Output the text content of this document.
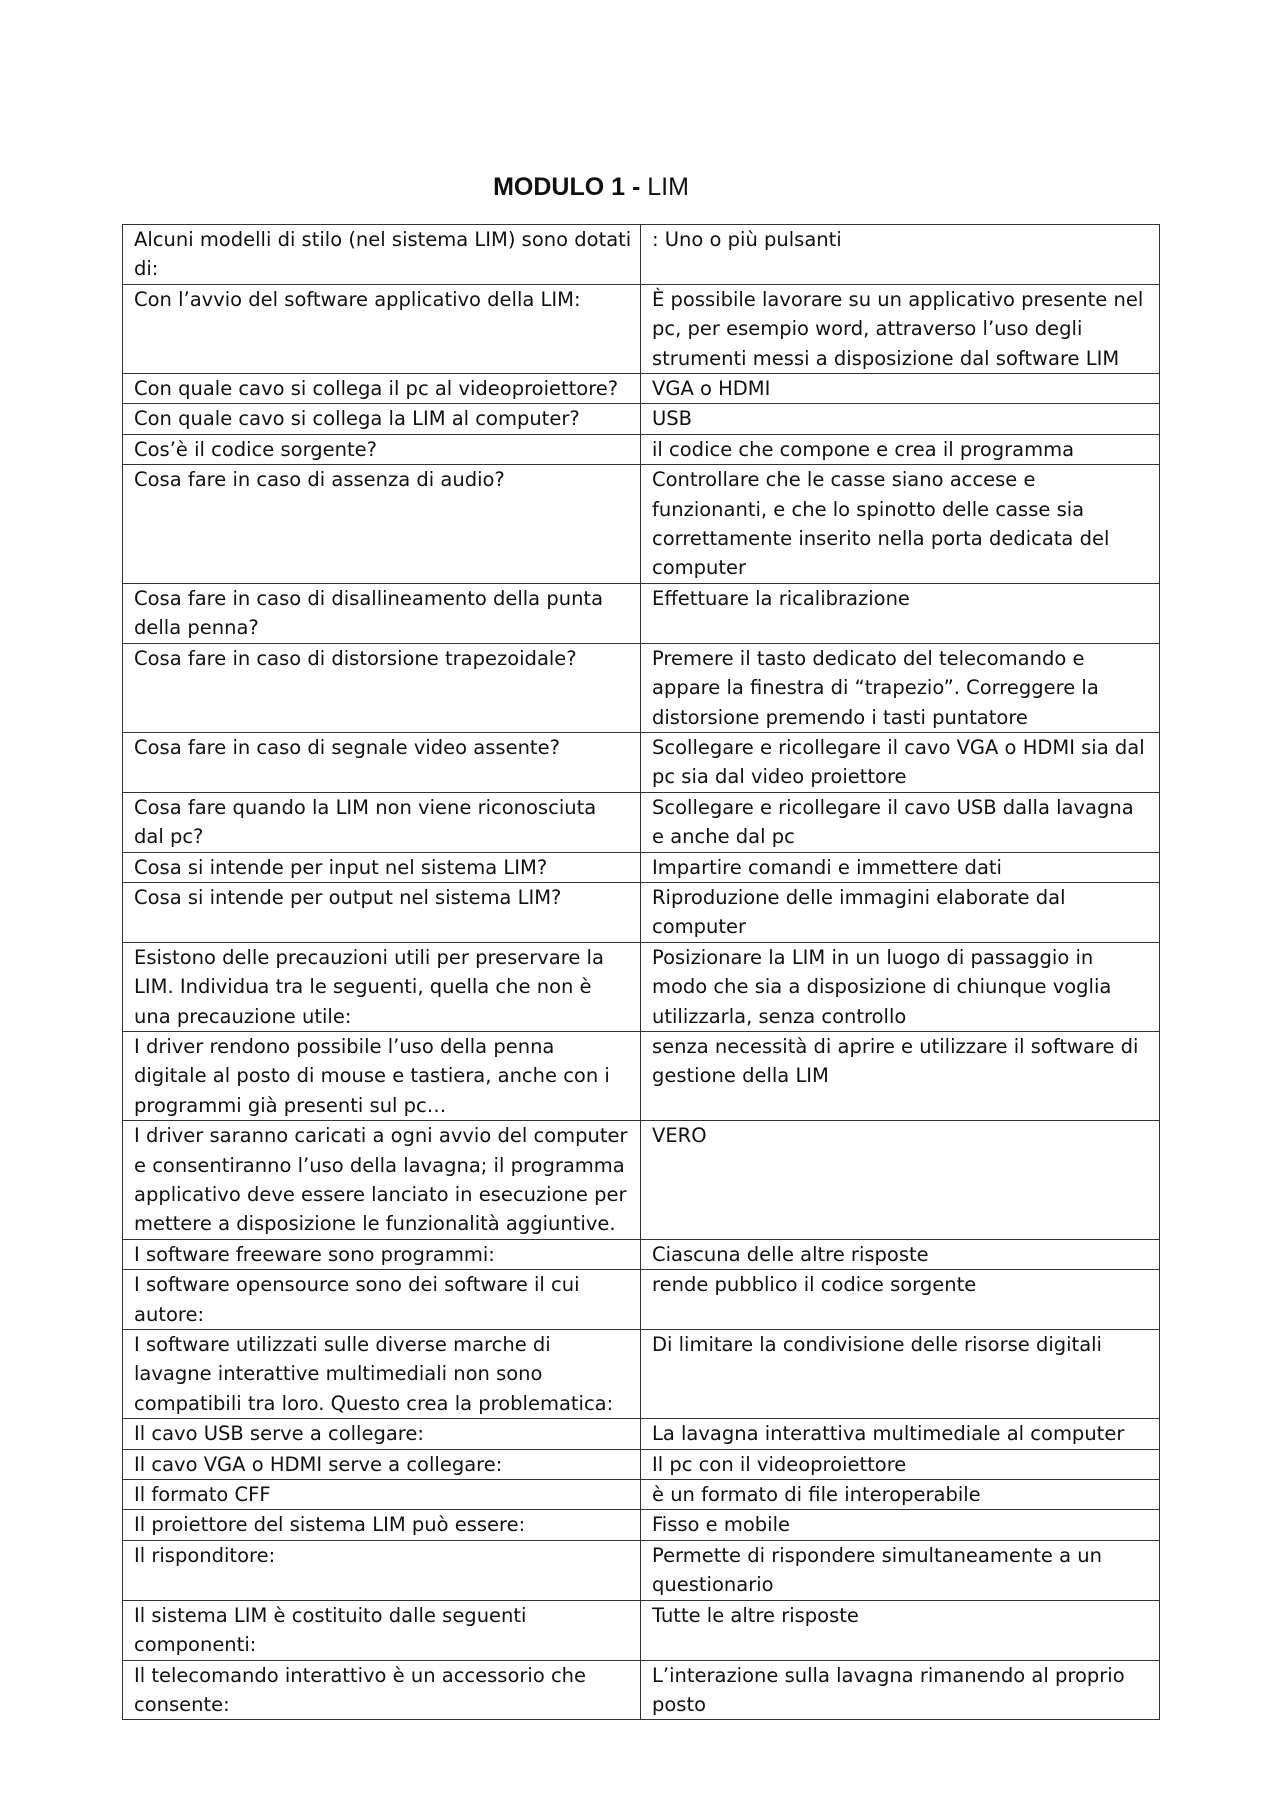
MODULO 1 - LIM
Alcuni modelli di stilo (nel sistema LIM) sono dotati di:	: Uno o più pulsanti
Con l’avvio del software applicativo della LIM:	È possibile lavorare su un applicativo presente nel pc, per esempio word, attraverso l’uso degli strumenti messi a disposizione dal software LIM
Con quale cavo si collega il pc al videoproiettore?	VGA o HDMI
Con quale cavo si collega la LIM al computer?	USB
Cos’è il codice sorgente?	il codice che compone e crea il programma
Cosa fare in caso di assenza di audio?	Controllare che le casse siano accese e funzionanti, e che lo spinotto delle casse sia correttamente inserito nella porta dedicata del computer
Cosa fare in caso di disallineamento della punta della penna?	Effettuare la ricalibrazione
Cosa fare in caso di distorsione trapezoidale?	Premere il tasto dedicato del telecomando e appare la finestra di “trapezio”. Correggere la distorsione premendo i tasti puntatore
Cosa fare in caso di segnale video assente?	Scollegare e ricollegare il cavo VGA o HDMI sia dal pc sia dal video proiettore
Cosa fare quando la LIM non viene riconosciuta dal pc?	Scollegare e ricollegare il cavo USB dalla lavagna e anche dal pc
Cosa si intende per input nel sistema LIM?	Impartire comandi e immettere dati
Cosa si intende per output nel sistema LIM?	Riproduzione delle immagini elaborate dal computer
Esistono delle precauzioni utili per preservare la LIM. Individua tra le seguenti, quella che non è una precauzione utile:	Posizionare la LIM in un luogo di passaggio in modo che sia a disposizione di chiunque voglia utilizzarla, senza controllo
I driver rendono possibile l’uso della penna digitale al posto di mouse e tastiera, anche con i programmi già presenti sul pc…	senza necessità di aprire e utilizzare il software di gestione della LIM
I driver saranno caricati a ogni avvio del computer e consentiranno l’uso della lavagna; il programma applicativo deve essere lanciato in esecuzione per mettere a disposizione le funzionalità aggiuntive.	VERO
I software freeware sono programmi:	Ciascuna delle altre risposte
I software opensource sono dei software il cui autore:	rende pubblico il codice sorgente
I software utilizzati sulle diverse marche di lavagne interattive multimediali non sono compatibili tra loro. Questo crea la problematica:	Di limitare la condivisione delle risorse digitali
Il cavo USB serve a collegare:	La lavagna interattiva multimediale al computer
Il cavo VGA o HDMI serve a collegare:	Il pc con il videoproiettore
Il formato CFF	è un formato di file interoperabile
Il proiettore del sistema LIM può essere:	Fisso e mobile
Il risponditore:	Permette di rispondere simultaneamente a un questionario
Il sistema LIM è costituito dalle seguenti componenti:	Tutte le altre risposte
Il telecomando interattivo è un accessorio che consente:	L’interazione sulla lavagna rimanendo al proprio posto
